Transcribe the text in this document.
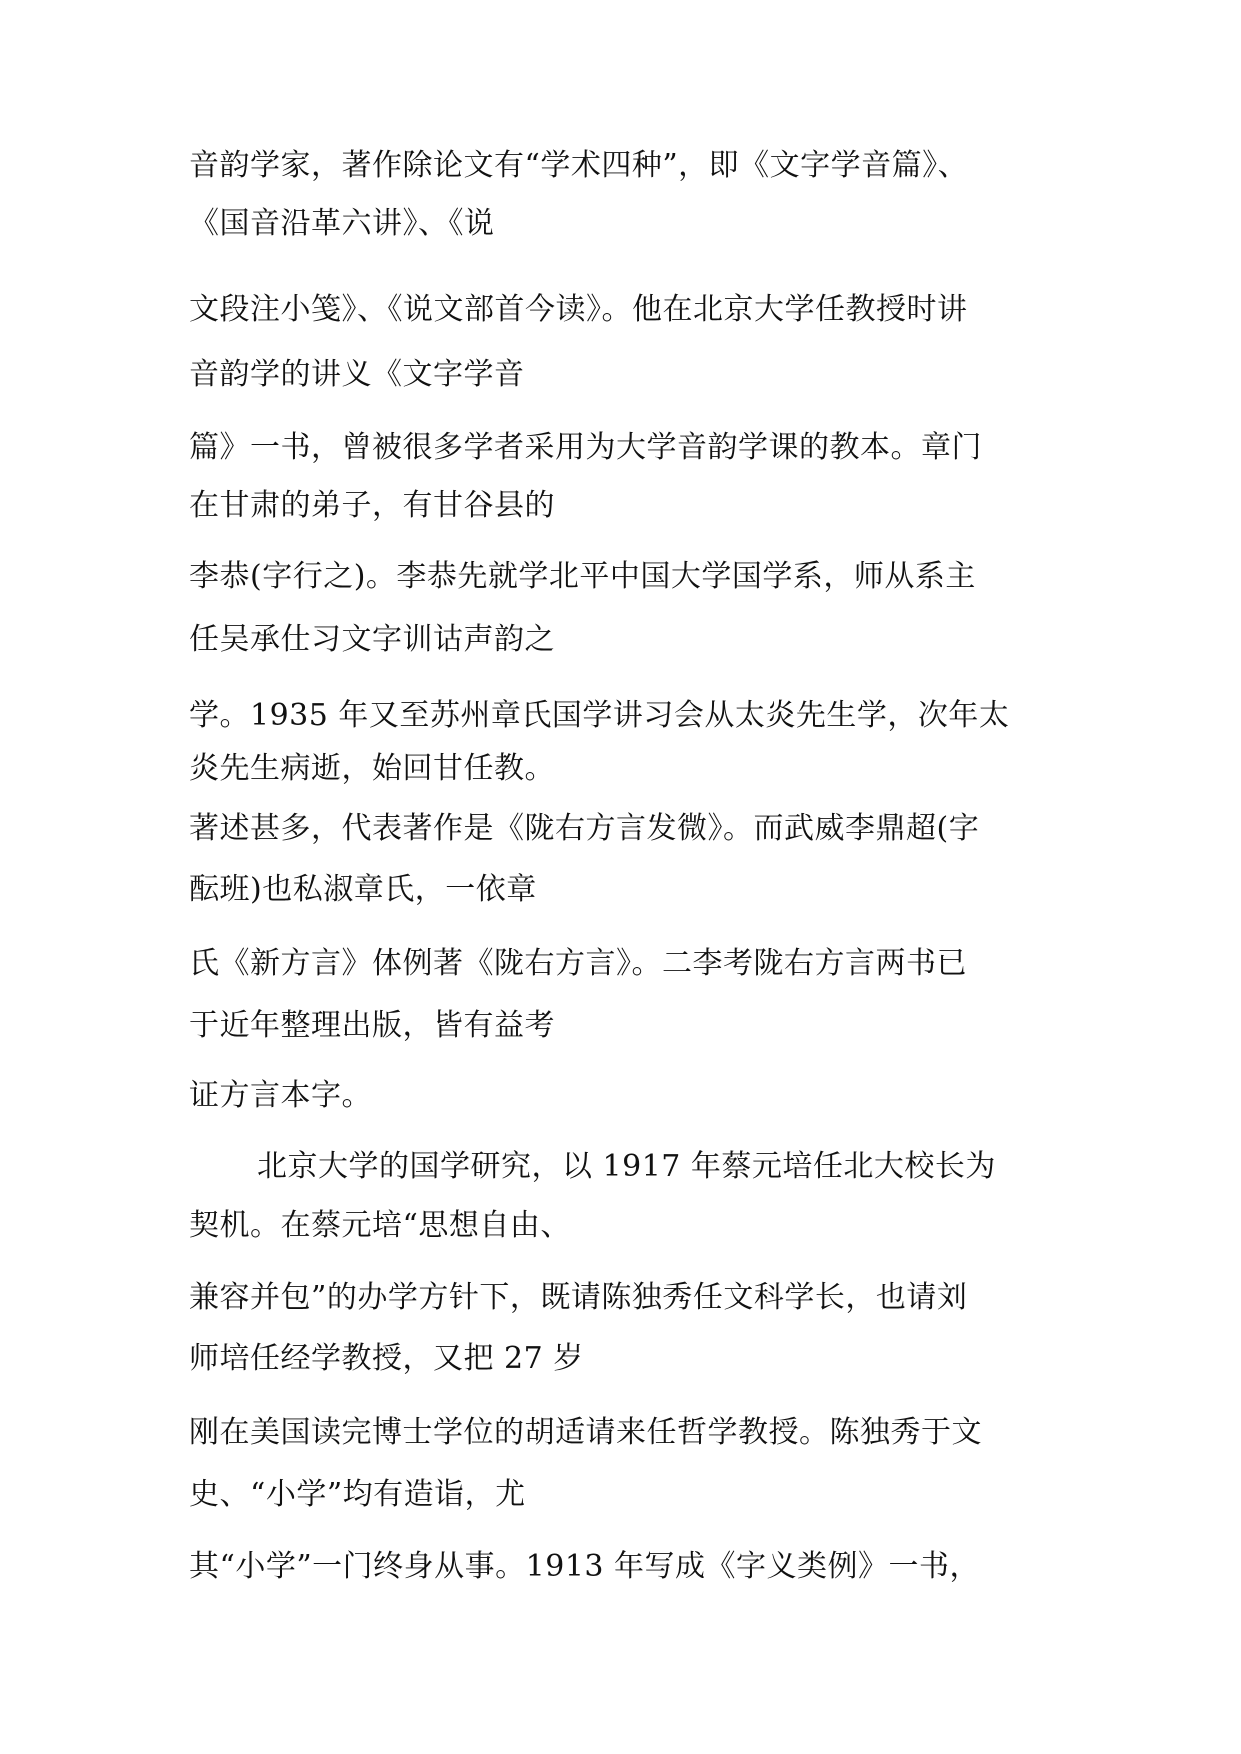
音韵学家，著作除论文有“学术四种”，即《文字学音篇》、
《国音沿革六讲》、《说
文段注小笺》、《说文部首今读》。他在北京大学任教授时讲
音韵学的讲义《文字学音
篇》一书，曾被很多学者采用为大学音韵学课的教本。章门
在甘肃的弟子，有甘谷县的
李恭(字行之)。李恭先就学北平中国大学国学系，师从系主
任吴承仕习文字训诂声韵之
学。1935 年又至苏州章氏国学讲习会从太炎先生学，次年太
炎先生病逝，始回甘任教。
著述甚多，代表著作是《陇右方言发微》。而武威李鼎超(字
酝班)也私淑章氏，一依章
氏《新方言》体例著《陇右方言》。二李考陇右方言两书已
于近年整理出版，皆有益考
证方言本字。
北京大学的国学研究，以 1917 年蔡元培任北大校长为
契机。在蔡元培“思想自由、
兼容并包”的办学方针下，既请陈独秀任文科学长，也请刘
师培任经学教授，又把 27 岁
刚在美国读完博士学位的胡适请来任哲学教授。陈独秀于文
史、“小学”均有造诣，尤
其“小学”一门终身从事。1913 年写成《字义类例》一书，
